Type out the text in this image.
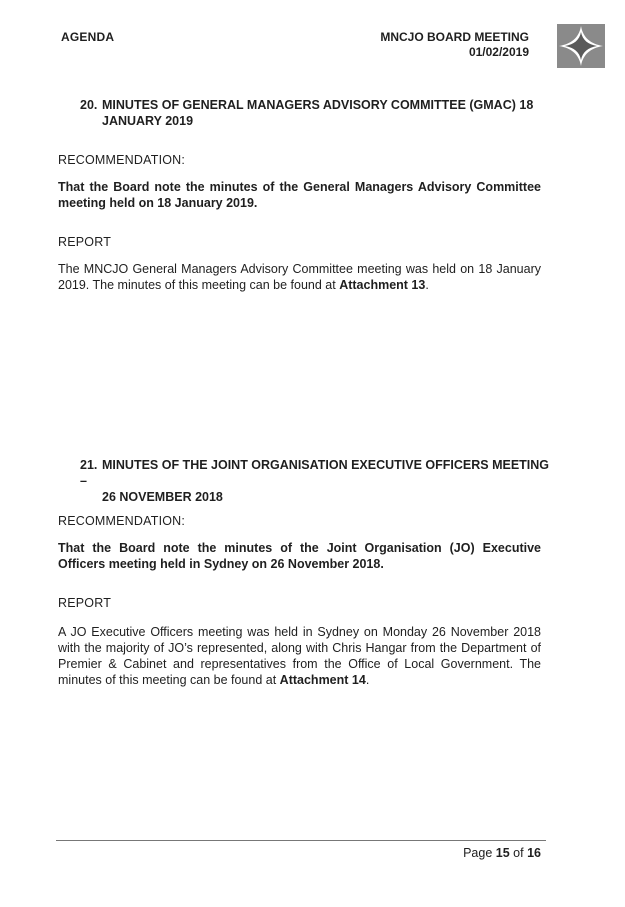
AGENDA	MNCJO BOARD MEETING
01/02/2019
20. MINUTES OF GENERAL MANAGERS ADVISORY COMMITTEE (GMAC) 18
JANUARY 2019
RECOMMENDATION:
That the Board note the minutes of the General Managers Advisory Committee meeting held on 18 January 2019.
REPORT
The MNCJO General Managers Advisory Committee meeting was held on 18 January 2019. The minutes of this meeting can be found at Attachment 13.
21. MINUTES OF THE JOINT ORGANISATION EXECUTIVE OFFICERS MEETING –
26 NOVEMBER 2018
RECOMMENDATION:
That the Board note the minutes of the Joint Organisation (JO) Executive Officers meeting held in Sydney on 26 November 2018.
REPORT
A JO Executive Officers meeting was held in Sydney on Monday 26 November 2018 with the majority of JO’s represented, along with Chris Hangar from the Department of Premier & Cabinet and representatives from the Office of Local Government. The minutes of this meeting can be found at Attachment 14.
Page 15 of 16
